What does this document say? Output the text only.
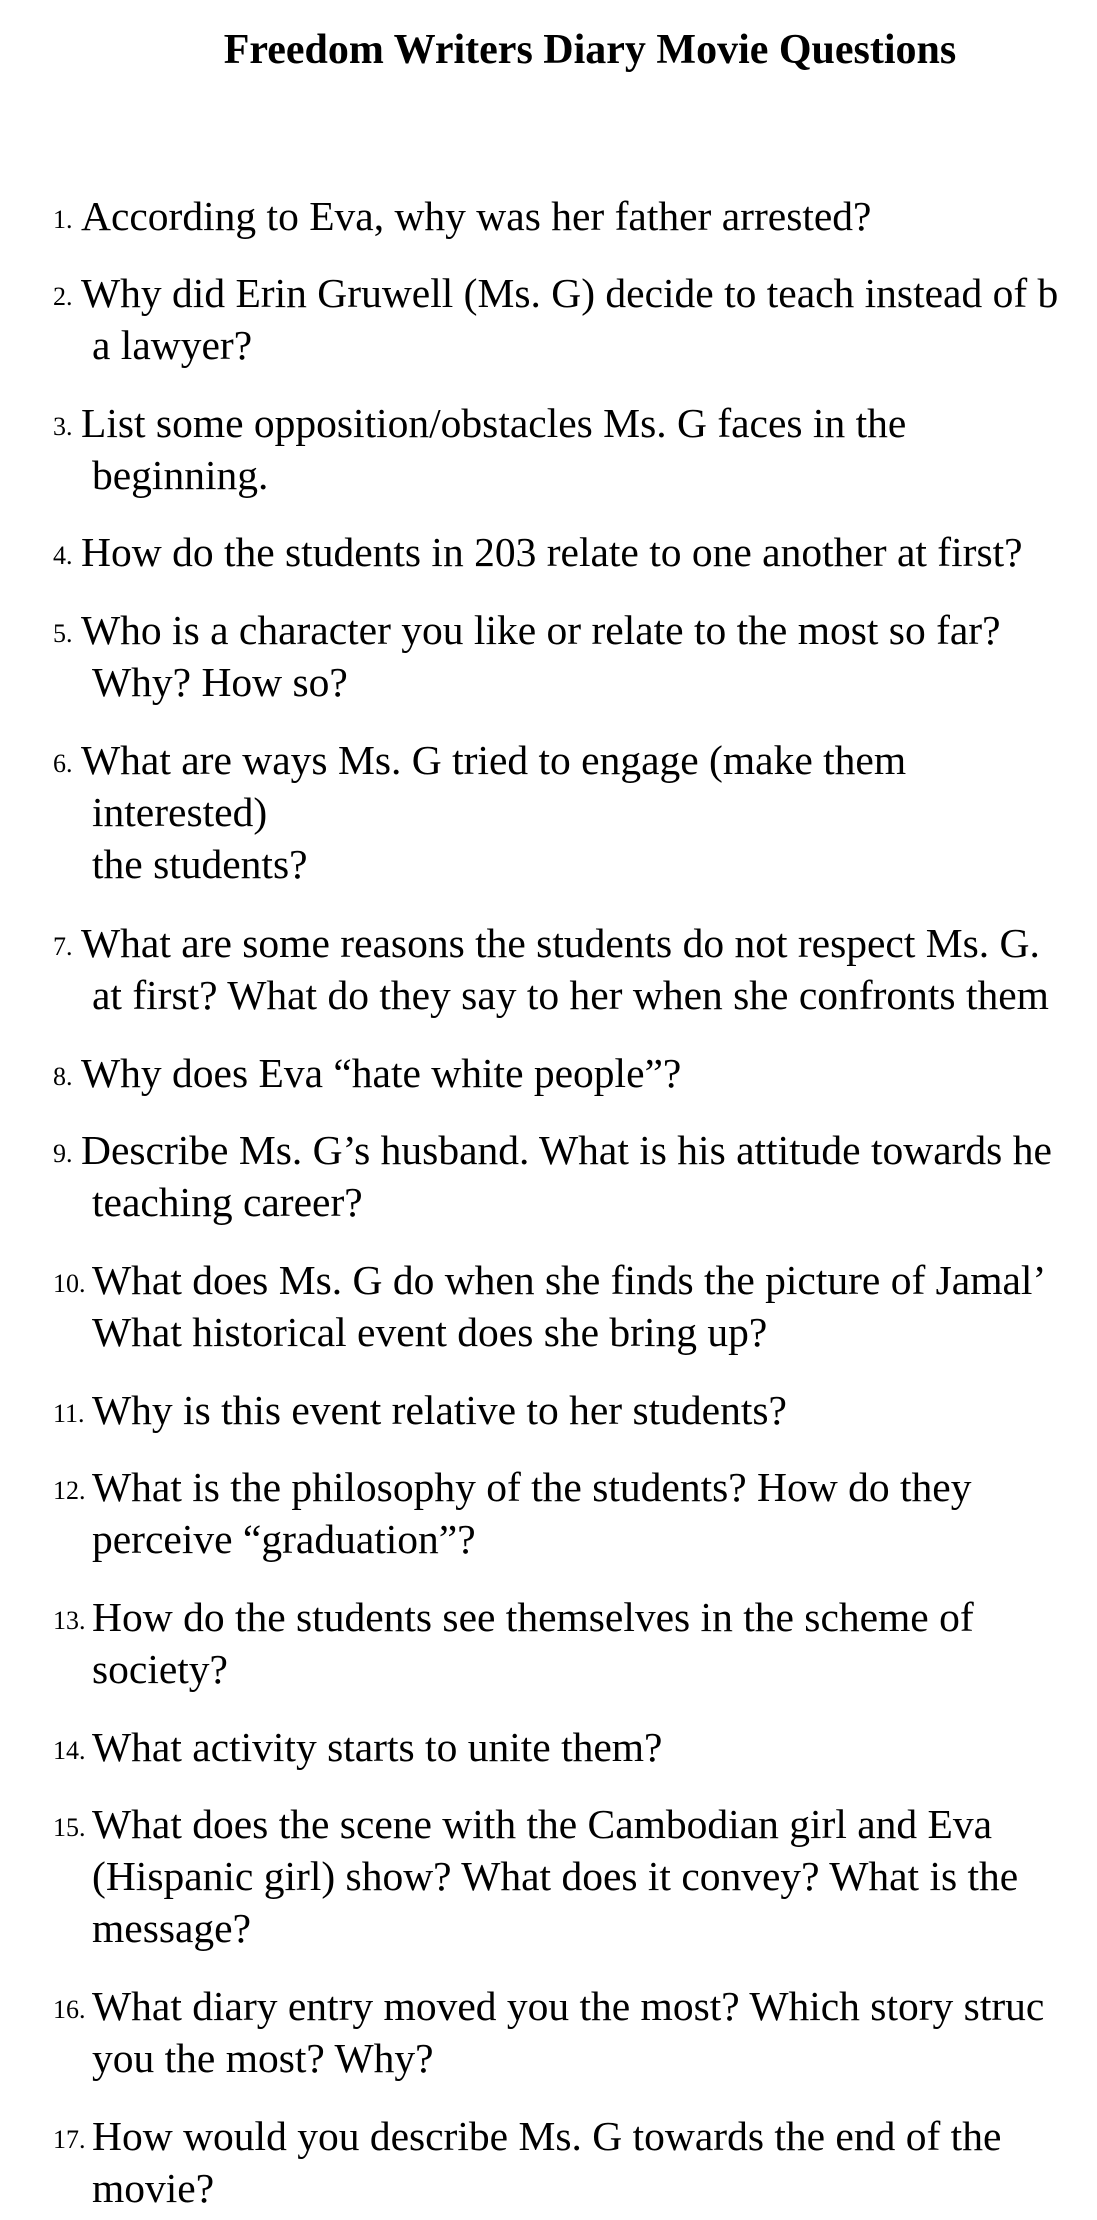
Freedom Writers Diary Movie Questions
1. According to Eva, why was her father arrested?
2. Why did Erin Gruwell (Ms. G) decide to teach instead of b
a lawyer?
3. List some opposition/obstacles Ms. G faces in the
beginning.
4. How do the students in 203 relate to one another at first?
5. Who is a character you like or relate to the most so far?
Why? How so?
6. What are ways Ms. G tried to engage (make them
interested)
the students?
7. What are some reasons the students do not respect Ms. G.
at first? What do they say to her when she confronts them
8. Why does Eva “hate white people”?
9. Describe Ms. G’s husband. What is his attitude towards he
teaching career?
10. What does Ms. G do when she finds the picture of Jamal’
What historical event does she bring up?
11. Why is this event relative to her students?
12. What is the philosophy of the students? How do they
perceive “graduation”?
13. How do the students see themselves in the scheme of
society?
14. What activity starts to unite them?
15. What does the scene with the Cambodian girl and Eva
(Hispanic girl) show? What does it convey? What is the
message?
16. What diary entry moved you the most? Which story struc
you the most? Why?
17. How would you describe Ms. G towards the end of the
movie?
